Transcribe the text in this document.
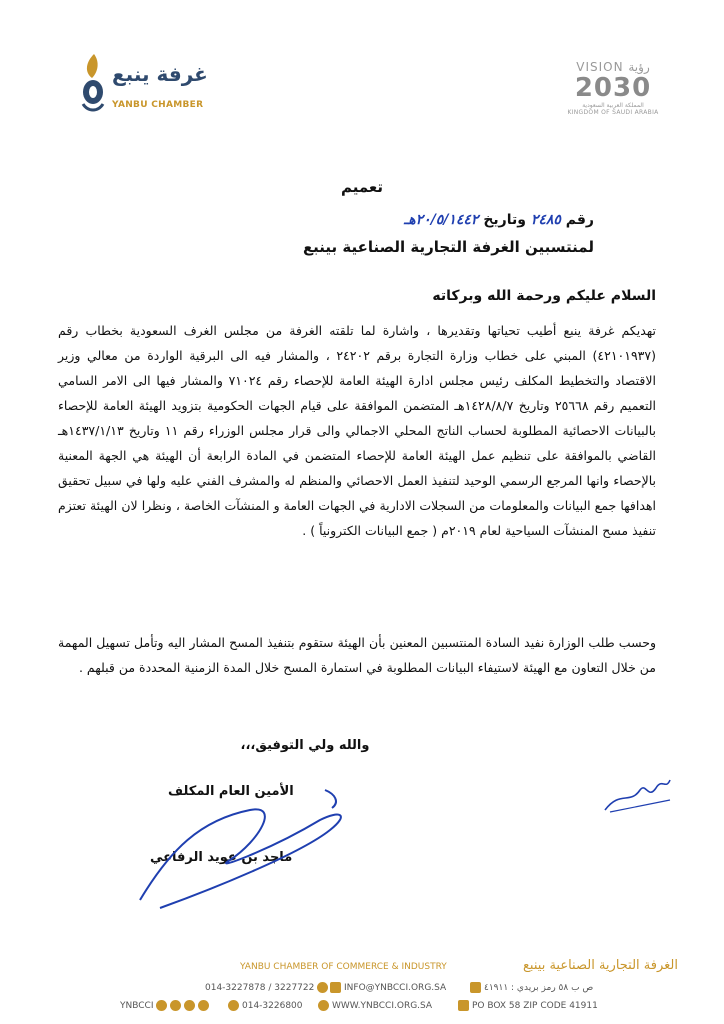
غرفة ينبع
YANBU CHAMBER
VISION رؤية
2030
المملكة العربية السعودية
KINGDOM OF SAUDI ARABIA
تعميم
رقم ٢٤٨٥ وتاريخ ٢٠/٥/١٤٤٢هـ
لمنتسبين الغرفة التجارية الصناعية بينبع
السلام عليكم ورحمة الله وبركاته
تهديكم غرفة ينبع أطيب تحياتها وتقديرها ، واشارة لما تلقته الغرفة من مجلس الغرف السعودية بخطاب رقم (٤٢١٠١٩٣٧) المبني على خطاب وزارة التجارة برقم ٢٤٢٠٢ ، والمشار فيه الى البرقية الواردة من معالي وزير الاقتصاد والتخطيط المكلف رئيس مجلس ادارة الهيئة العامة للإحصاء رقم ٧١٠٢٤ والمشار فيها الى الامر السامي التعميم رقم ٢٥٦٦٨ وتاريخ ١٤٢٨/٨/٧هـ المتضمن الموافقة على قيام الجهات الحكومية بتزويد الهيئة العامة للإحصاء بالبيانات الاحصائية المطلوبة لحساب الناتج المحلي الاجمالي والى قرار مجلس الوزراء رقم ١١ وتاريخ ١٤٣٧/١/١٣هـ القاضي بالموافقة على تنظيم عمل الهيئة العامة للإحصاء المتضمن في المادة الرابعة أن الهيئة هي الجهة المعنية بالإحصاء وانها المرجع الرسمي الوحيد لتنفيذ العمل الاحصائي والمنظم له والمشرف الفني عليه ولها في سبيل تحقيق اهدافها جمع البيانات والمعلومات من السجلات الادارية في الجهات العامة و المنشآت الخاصة ، ونظرا لان الهيئة تعتزم تنفيذ مسح المنشآت السياحية لعام ٢٠١٩م ( جمع البيانات الكترونياً ) .
وحسب طلب الوزارة نفيد السادة المنتسبين المعنين بأن الهيئة ستقوم بتنفيذ المسح المشار اليه وتأمل تسهيل المهمة من خلال التعاون مع الهيئة لاستيفاء البيانات المطلوبة في استمارة المسح خلال المدة الزمنية المحددة من قبلهم .
والله ولي التوفيق،،،
الأمين العام المكلف
ماجد بن عويد الرفاعي
YANBU CHAMBER OF COMMERCE & INDUSTRY	الغرفة التجارية الصناعية بينبع
014-3227878 / 3227722	INFO@YNBCCI.ORG.SA	ص ب ٥٨ رمز بريدي : ٤١٩١١
YNBCCI	014-3226800	WWW.YNBCCI.ORG.SA	PO BOX 58 ZIP CODE 41911
